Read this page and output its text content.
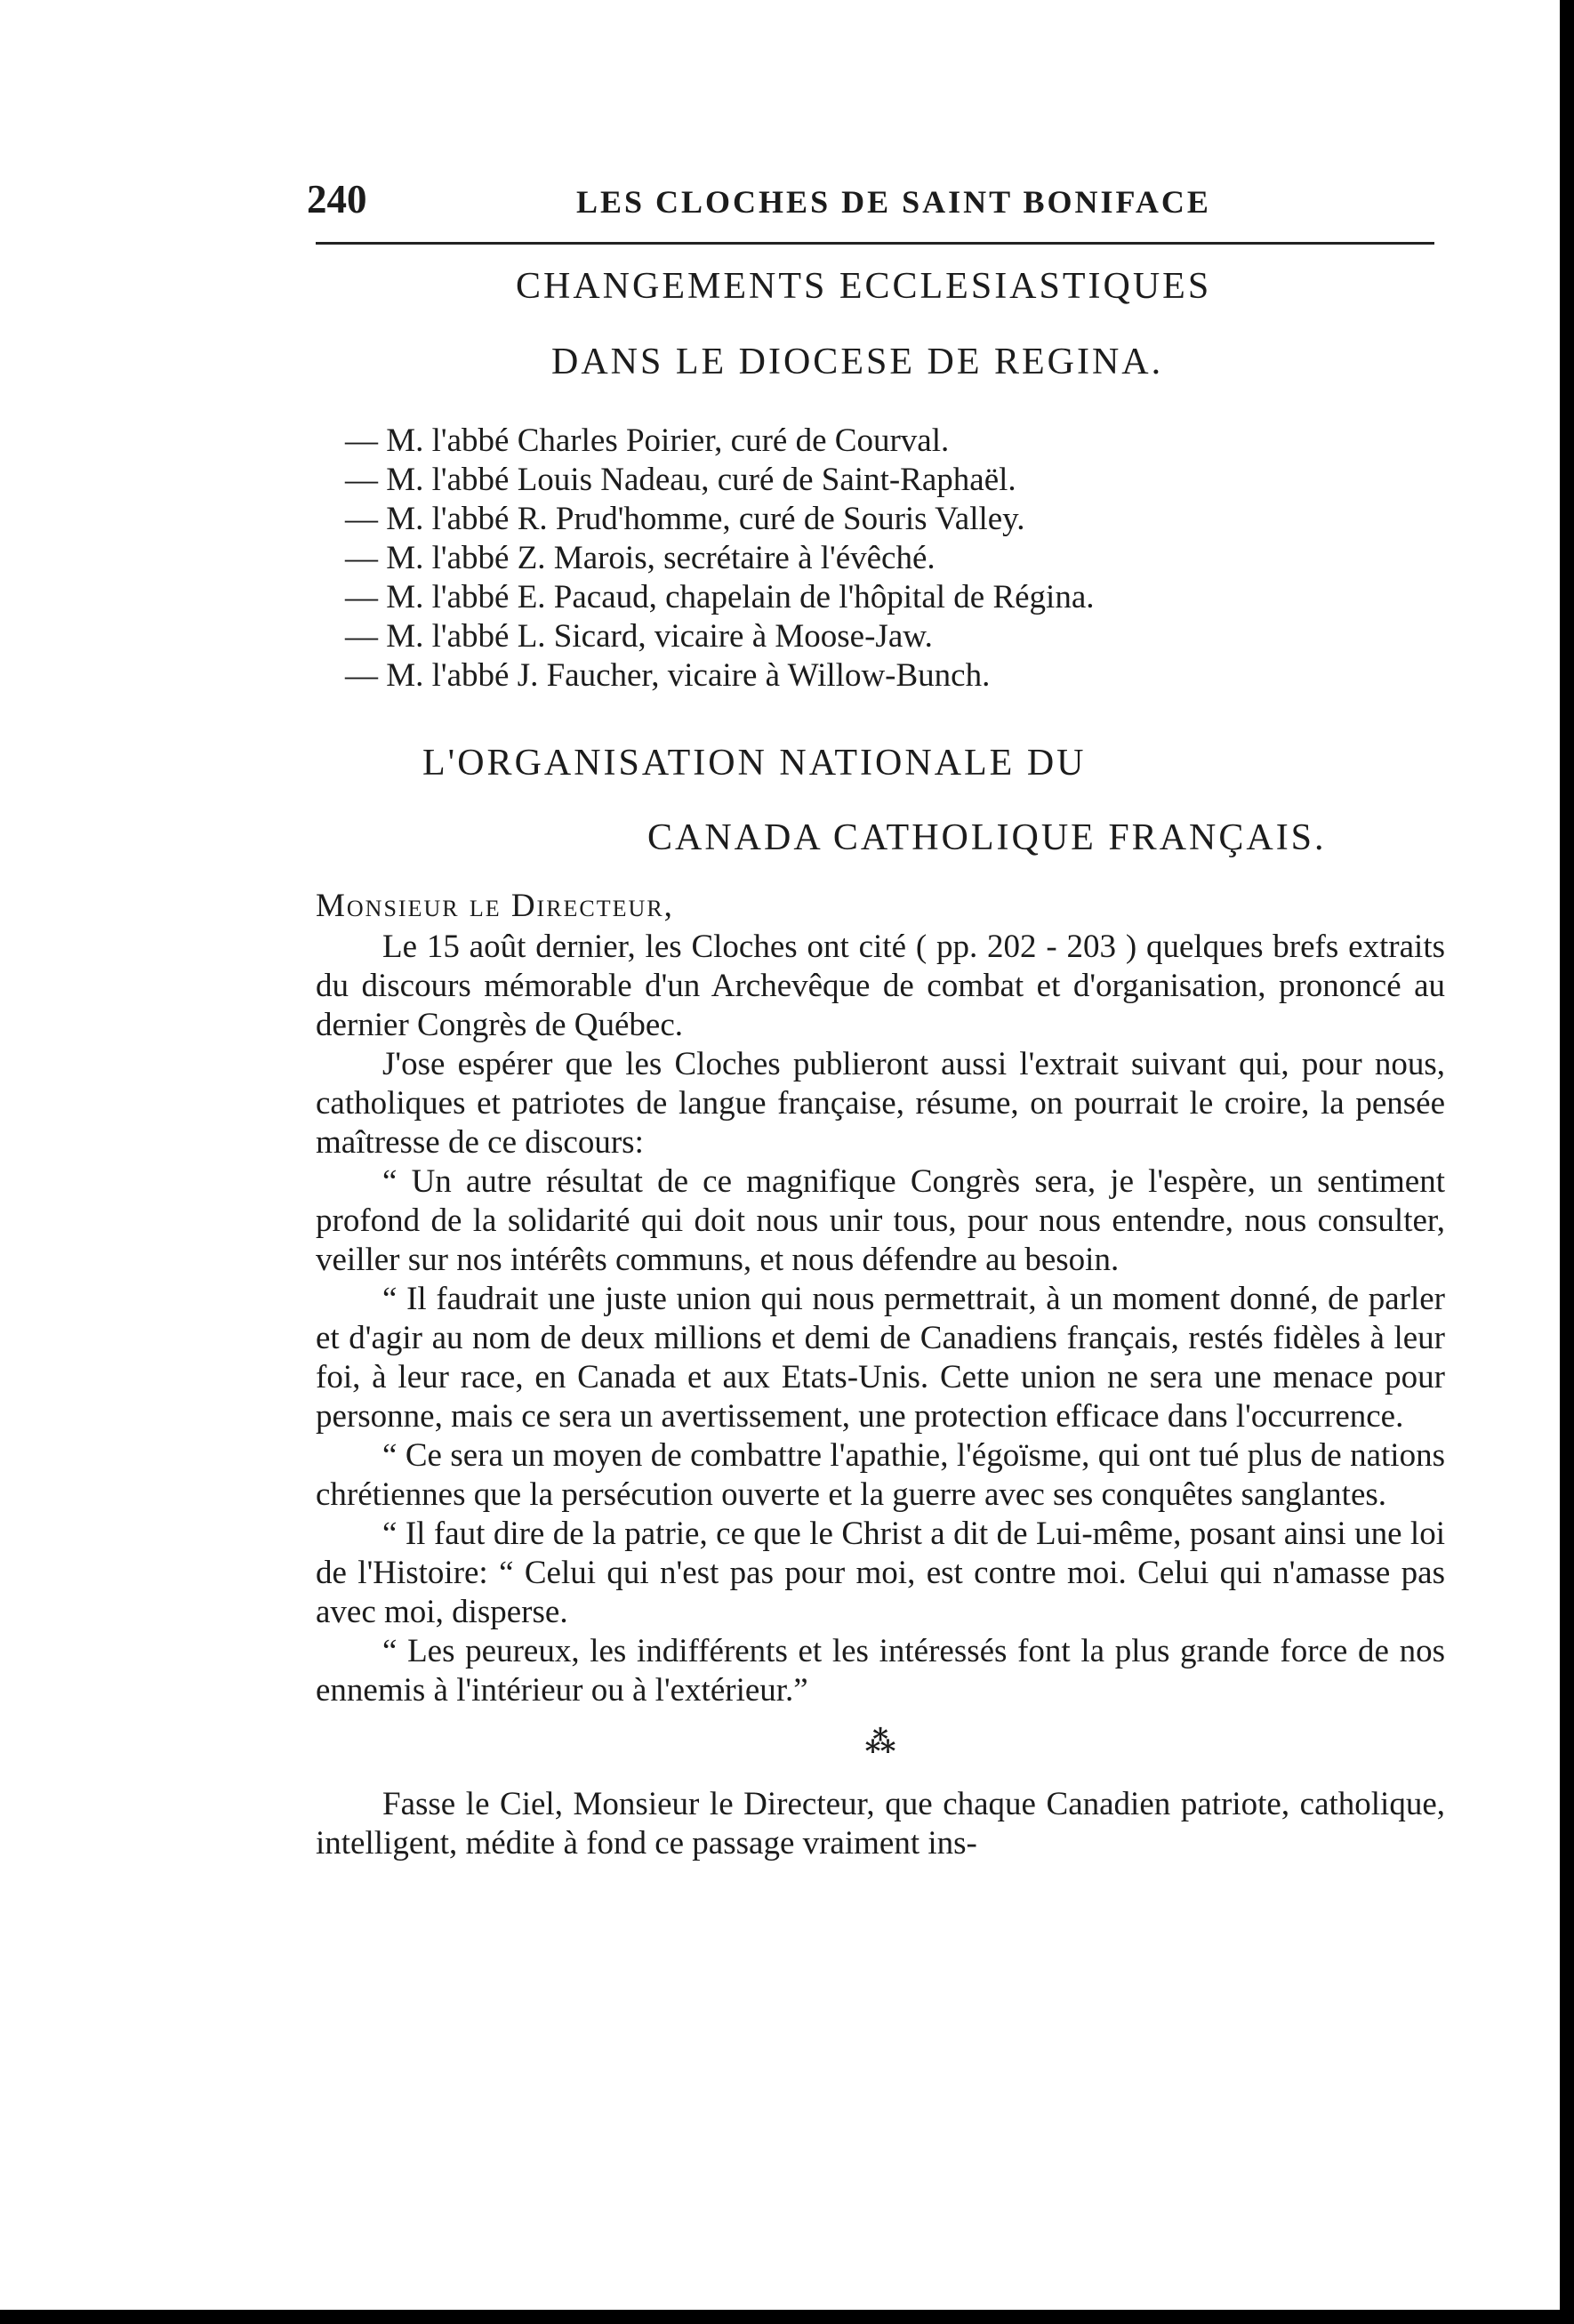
240	LES CLOCHES DE SAINT BONIFACE
CHANGEMENTS ECCLESIASTIQUES
DANS LE DIOCESE DE REGINA.
— M. l'abbé Charles Poirier, curé de Courval.
— M. l'abbé Louis Nadeau, curé de Saint-Raphaël.
— M. l'abbé R. Prud'homme, curé de Souris Valley.
— M. l'abbé Z. Marois, secrétaire à l'évêché.
— M. l'abbé E. Pacaud, chapelain de l'hôpital de Régina.
— M. l'abbé L. Sicard, vicaire à Moose-Jaw.
— M. l'abbé J. Faucher, vicaire à Willow-Bunch.
L'ORGANISATION NATIONALE DU
CANADA CATHOLIQUE FRANÇAIS.
Monsieur le Directeur,

Le 15 août dernier, les Cloches ont cité ( pp. 202 - 203 ) quelques brefs extraits du discours mémorable d'un Archevêque de combat et d'organisation, prononcé au dernier Congrès de Québec.

J'ose espérer que les Cloches publieront aussi l'extrait suivant qui, pour nous, catholiques et patriotes de langue française, résume, on pourrait le croire, la pensée maîtresse de ce discours:

“ Un autre résultat de ce magnifique Congrès sera, je l'espère, un sentiment profond de la solidarité qui doit nous unir tous, pour nous entendre, nous consulter, veiller sur nos intérêts communs, et nous défendre au besoin.

“ Il faudrait une juste union qui nous permettrait, à un moment donné, de parler et d'agir au nom de deux millions et demi de Canadiens français, restés fidèles à leur foi, à leur race, en Canada et aux Etats-Unis. Cette union ne sera une menace pour personne, mais ce sera un avertissement, une protection efficace dans l'occurrence.

“ Ce sera un moyen de combattre l'apathie, l'égoïsme, qui ont tué plus de nations chrétiennes que la persécution ouverte et la guerre avec ses conquêtes sanglantes.

“ Il faut dire de la patrie, ce que le Christ a dit de Lui-même, posant ainsi une loi de l'Histoire: “ Celui qui n'est pas pour moi, est contre moi. Celui qui n'amasse pas avec moi, disperse.

“ Les peureux, les indifférents et les intéressés font la plus grande force de nos ennemis à l'intérieur ou à l'extérieur.”

⁂

Fasse le Ciel, Monsieur le Directeur, que chaque Canadien patriote, catholique, intelligent, médite à fond ce passage vraiment ins-
